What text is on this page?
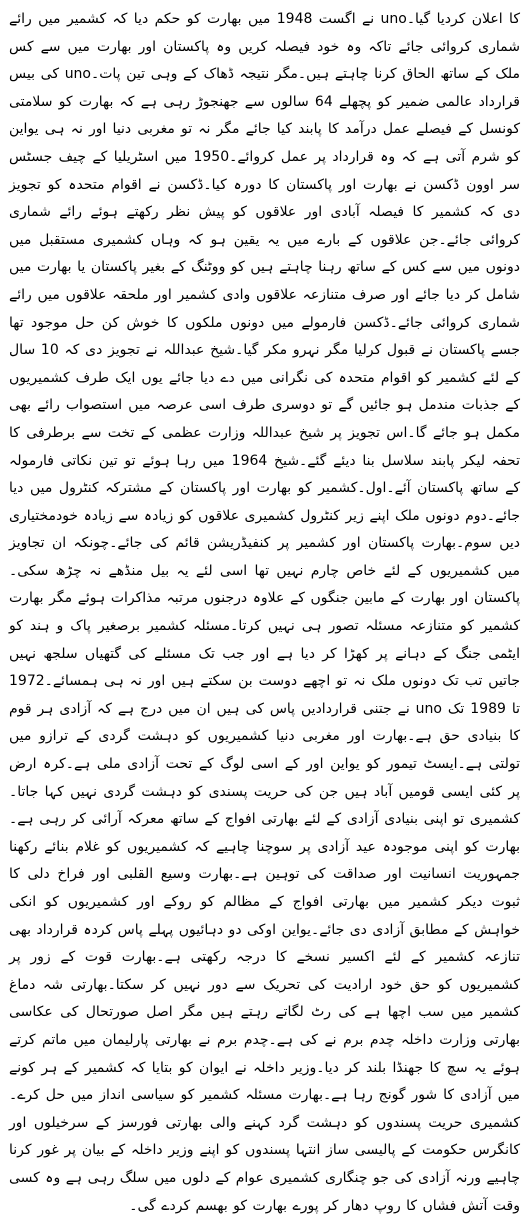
کا اعلان کردیا گیا۔uno نے اگست 1948 میں بھارت کو حکم دیا کہ کشمیر میں رائے شماری کروائی جائے تاکہ وہ خود فیصلہ کریں وہ پاکستان اور بھارت میں سے کس ملک کے ساتھ الحاق کرنا چاہتے ہیں۔مگر نتیجہ ڈھاک کے وہی تین پات۔uno کی بیس قرارداد عالمی ضمیر کو پچھلے 64 سالوں سے جھنجوڑ رہی ہے کہ بھارت کو سلامتی کونسل کے فیصلے عمل درآمد کا پابند کیا جائے مگر نہ تو مغربی دنیا اور نہ ہی یواین کو شرم آتی ہے کہ وہ قرارداد پر عمل کروائے۔1950 میں اسٹریلیا کے چیف جسٹس سر اوون ڈکسن نے بھارت اور پاکستان کا دورہ کیا۔ڈکسن نے اقوام متحدہ کو تجویز دی کہ کشمیر کا فیصلہ آبادی اور علاقوں کو پیش نظر رکھتے ہوئے رائے شماری کروائی جائے۔جن علاقوں کے بارے میں یہ یقین ہو کہ وہاں کشمیری مستقبل میں دونوں میں سے کس کے ساتھ رہنا چاہتے ہیں کو ووٹنگ کے بغیر پاکستان یا بھارت میں شامل کر دیا جائے اور صرف متنازعہ علاقوں وادی کشمیر اور ملحقہ علاقوں میں رائے شماری کروائی جائے۔ڈکسن فارمولے میں دونوں ملکوں کا خوش کن حل موجود تھا جسے پاکستان نے قبول کرلیا مگر نہرو مکر گیا۔شیخ عبداللہ نے تجویز دی کہ 10 سال کے لئے کشمیر کو اقوام متحدہ کی نگرانی میں دے دیا جائے یوں ایک طرف کشمیریوں کے جذبات مندمل ہو جائیں گے تو دوسری طرف اسی عرصہ میں استصواب رائے بھی مکمل ہو جائے گا۔اس تجویز پر شیخ عبداللہ وزارت عظمی کے تخت سے برطرفی کا تحفہ لیکر پابند سلاسل بنا دیئے گئے۔شیخ 1964 میں رہا ہوئے تو تین نکاتی فارمولہ کے ساتھ پاکستان آئے۔اول۔کشمیر کو بھارت اور پاکستان کے مشترکہ کنٹرول میں دیا جائے۔دوم دونوں ملک اپنے زیر کنٹرول کشمیری علاقوں کو زیادہ سے زیادہ خودمختیاری دیں سوم۔بھارت پاکستان اور کشمیر پر کنفیڈریشن قائم کی جائے۔چونکہ ان تجاویز میں کشمیریوں کے لئے خاص چارم نہیں تھا اسی لئے یہ بیل منڈھے نہ چڑھ سکی۔پاکستان اور بھارت کے مابین جنگوں کے علاوہ درجنوں مرتبہ مذاکرات ہوئے مگر بھارت کشمیر کو متنازعہ مسئلہ تصور ہی نہیں کرتا۔مسئلہ کشمیر برصغیر پاک و ہند کو ایٹمی جنگ کے دہانے پر کھڑا کر دیا ہے اور جب تک مسئلے کی گتھیاں سلجھ نہیں جاتیں تب تک دونوں ملک نہ تو اچھے دوست بن سکتے ہیں اور نہ ہی ہمسائے۔1972 تا 1989 تک uno نے جتنی قراردادیں پاس کی ہیں ان میں درج ہے کہ آزادی ہر قوم کا بنیادی حق ہے۔بھارت اور مغربی دنیا کشمیریوں کو دہشت گردی کے ترازو میں تولتی ہے۔ایسٹ تیمور کو یواین اور کے اسی لوگ کے تحت آزادی ملی ہے۔کرہ ارض پر کئی ایسی قومیں آباد ہیں جن کی حریت پسندی کو دہشت گردی نہیں کہا جاتا۔کشمیری تو اپنی بنیادی آزادی کے لئے بھارتی افواج کے ساتھ معرکہ آرائی کر رہی ہے۔بھارت کو اپنی موجودہ عید آزادی پر سوچنا چاہیے کہ کشمیریوں کو غلام بنائے رکھنا جمہوریت انسانیت اور صداقت کی توہین ہے۔بھارت وسیع القلبی اور فراخ دلی کا ثبوت دیکر کشمیر میں بھارتی افواج کے مظالم کو روکے اور کشمیریوں کو انکی خواہش کے مطابق آزادی دی جائے۔یواین اوکی دو دہائیوں پہلے پاس کردہ قرارداد بھی تنازعہ کشمیر کے لئے اکسیر نسخے کا درجہ رکھتی ہے۔بھارت قوت کے زور پر کشمیریوں کو حق خود ارادیت کی تحریک سے دور نہیں کر سکتا۔بھارتی شہ دماغ کشمیر میں سب اچھا ہے کی رٹ لگاتے رہتے ہیں مگر اصل صورتحال کی عکاسی بھارتی وزارت داخلہ چدم برم نے کی ہے۔چدم برم نے بھارتی پارلیمان میں ماتم کرتے ہوئے یہ سچ کا جھنڈا بلند کر دیا۔وزیر داخلہ نے ایوان کو بتایا کہ کشمیر کے ہر کونے میں آزادی کا شور گونج رہا ہے۔بھارت مسئلہ کشمیر کو سیاسی انداز میں حل کرے۔کشمیری حریت پسندوں کو دہشت گرد کہنے والی بھارتی فورسز کے سرخیلوں اور کانگرس حکومت کے پالیسی ساز انتہا پسندوں کو اپنے وزیر داخلہ کے بیان پر غور کرنا چاہیے ورنہ آزادی کی جو چنگاری کشمیری عوام کے دلوں میں سلگ رہی ہے وہ کسی وقت آتش فشاں کا روپ دھار کر پورے بھارت کو بھسم کردے گی۔
